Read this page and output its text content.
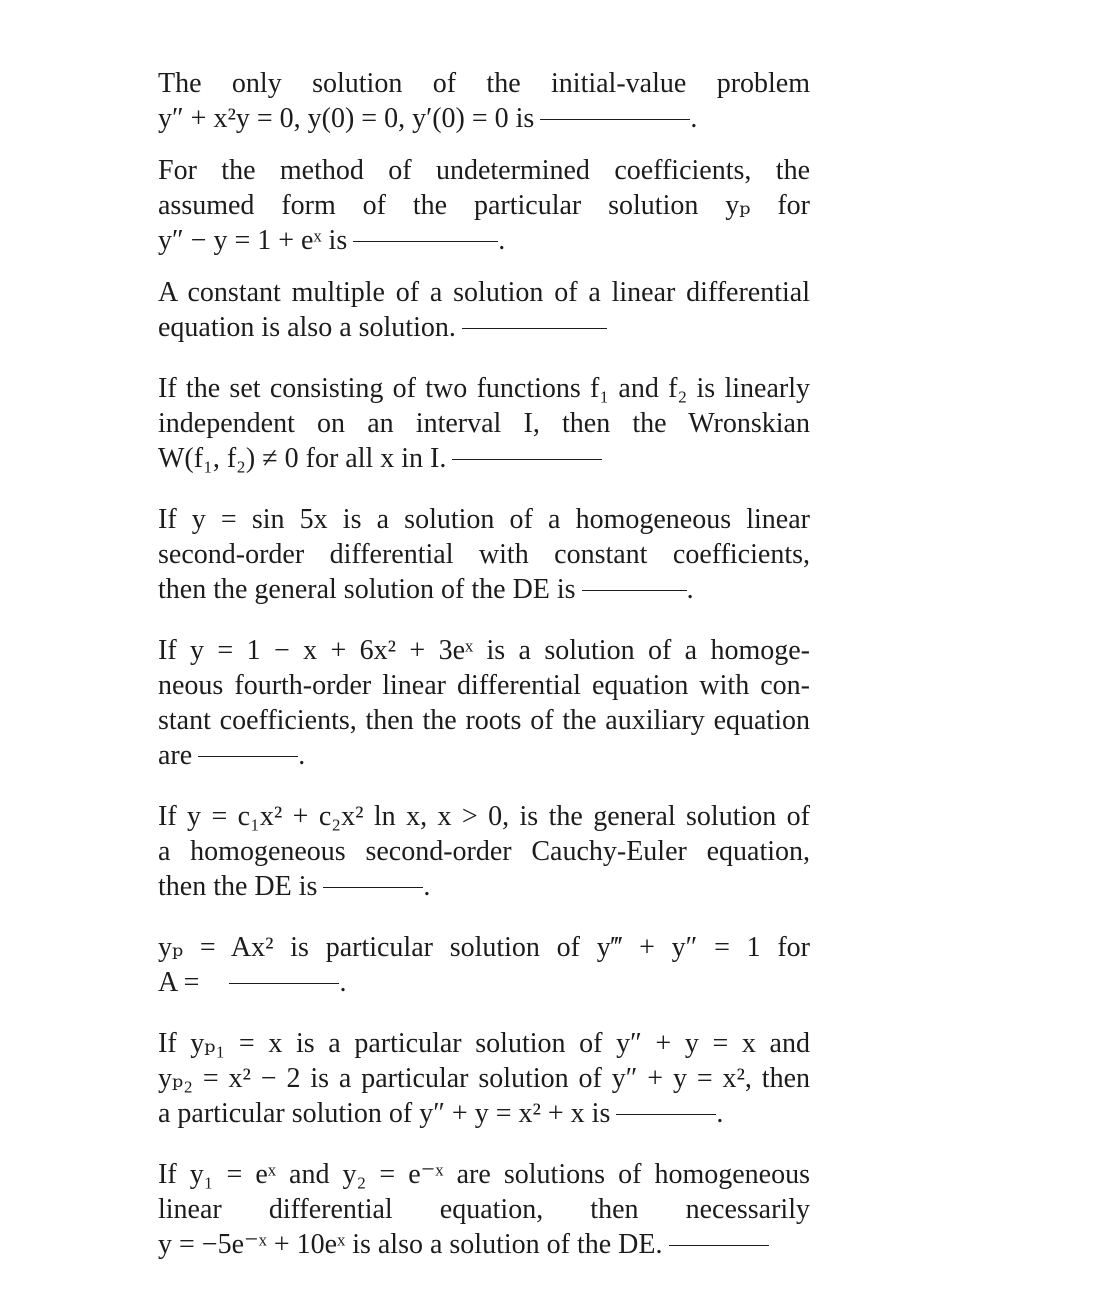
The only solution of the initial-value problem
y″ + x²y = 0, y(0) = 0, y′(0) = 0 is	.

For the method of undetermined coefficients, the
assumed form of the particular solution yₚ for
y″ − y = 1 + eˣ is	.

A constant multiple of a solution of a linear differential
equation is also a solution.

If the set consisting of two functions f₁ and f₂ is linearly
independent on an interval I, then the Wronskian
W(f₁, f₂) ≠ 0 for all x in I.

If y = sin 5x is a solution of a homogeneous linear
second-order differential with constant coefficients,
then the general solution of the DE is	.

If y = 1 − x + 6x² + 3eˣ is a solution of a homoge-
neous fourth-order linear differential equation with con-
stant coefficients, then the roots of the auxiliary equation
are	.

If y = c₁x² + c₂x² ln x, x > 0, is the general solution of
a homogeneous second-order Cauchy-Euler equation,
then the DE is	.

yₚ = Ax² is particular solution of y‴ + y″ = 1 for
A =	.

If yₚ₁ = x is a particular solution of y″ + y = x and
yₚ₂ = x² − 2 is a particular solution of y″ + y = x², then
a particular solution of y″ + y = x² + x is	.

If y₁ = eˣ and y₂ = e⁻ˣ are solutions of homogeneous
linear differential equation, then necessarily
y = −5e⁻ˣ + 10eˣ is also a solution of the DE.
